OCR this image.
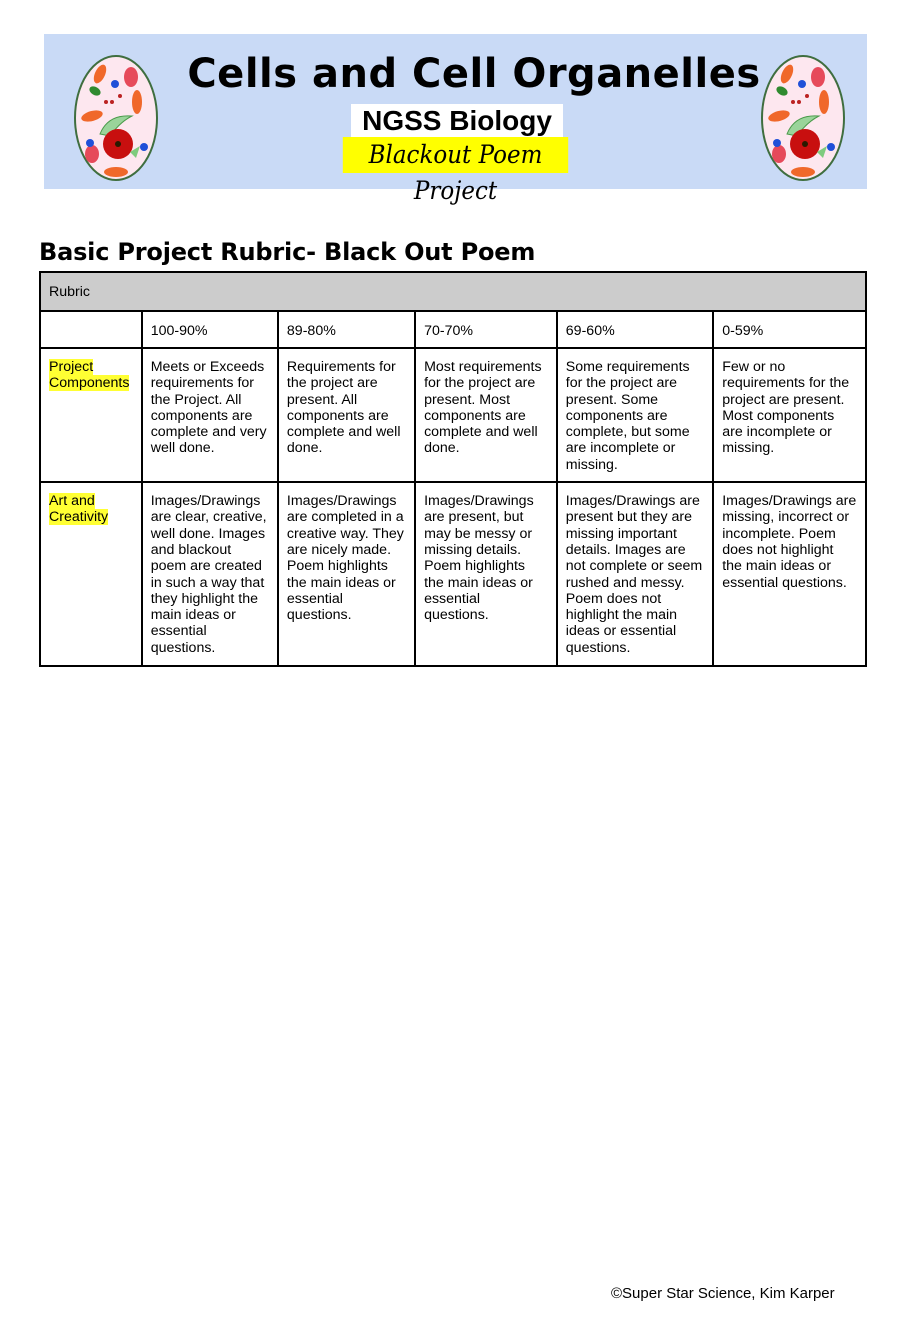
Cells and Cell Organelles
NGSS Biology
Blackout Poem Project
Basic Project Rubric- Black Out Poem
Rubric					
	100-90%	89-80%	70-70%	69-60%	0-59%
Project Components	Meets or Exceeds requirements for the Project. All components are complete and very well done.	Requirements for the project are present. All components are complete and well done.	Most requirements for the project are present. Most components are complete and well done.	Some requirements for the project are present. Some components are complete, but some are incomplete or missing.	Few or no requirements for the project are present. Most components are incomplete or missing.
Art and Creativity	Images/Drawings are clear, creative, well done. Images and blackout poem are created in such a way that they highlight the main ideas or essential questions.	Images/Drawings are completed in a creative way. They are nicely made. Poem highlights the main ideas or essential questions.	Images/Drawings are present, but may be messy or missing details. Poem highlights the main ideas or essential questions.	Images/Drawings are present but they are missing important details. Images are not complete or seem rushed and messy. Poem does not highlight the main ideas or essential questions.	Images/Drawings are missing, incorrect or incomplete. Poem does not highlight the main ideas or essential questions.
©Super Star Science, Kim Karper
